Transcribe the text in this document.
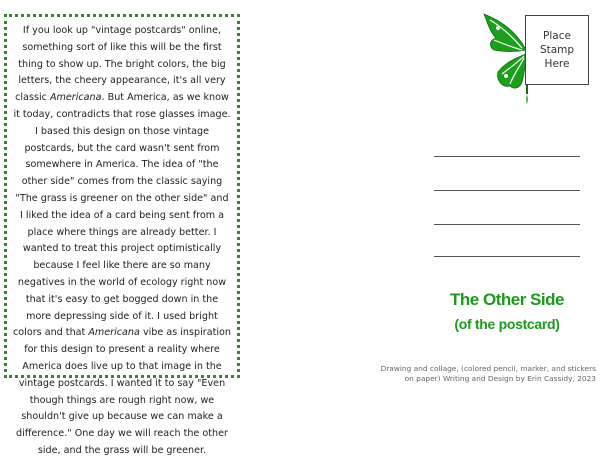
If you look up "vintage postcards" online, something sort of like this will be the first thing to show up. The bright colors, the big letters, the cheery appearance, it's all very classic Americana. But America, as we know it today, contradicts that rose glasses image. I based this design on those vintage postcards, but the card wasn't sent from somewhere in America. The idea of "the other side" comes from the classic saying "The grass is greener on the other side" and I liked the idea of a card being sent from a place where things are already better. I wanted to treat this project optimistically because I feel like there are so many negatives in the world of ecology right now that it's easy to get bogged down in the more depressing side of it. I used bright colors and that Americana vibe as inspiration for this design to present a reality where America does live up to that image in the vintage postcards. I wanted it to say "Even though things are rough right now, we shouldn't give up because we can make a difference." One day we will reach the other side, and the grass will be greener.
Place
Stamp
Here
The Other Side
(of the postcard)
Drawing and collage, (colored pencil, marker, and stickers
on paper) Writing and Design by Erin Cassidy, 2023
